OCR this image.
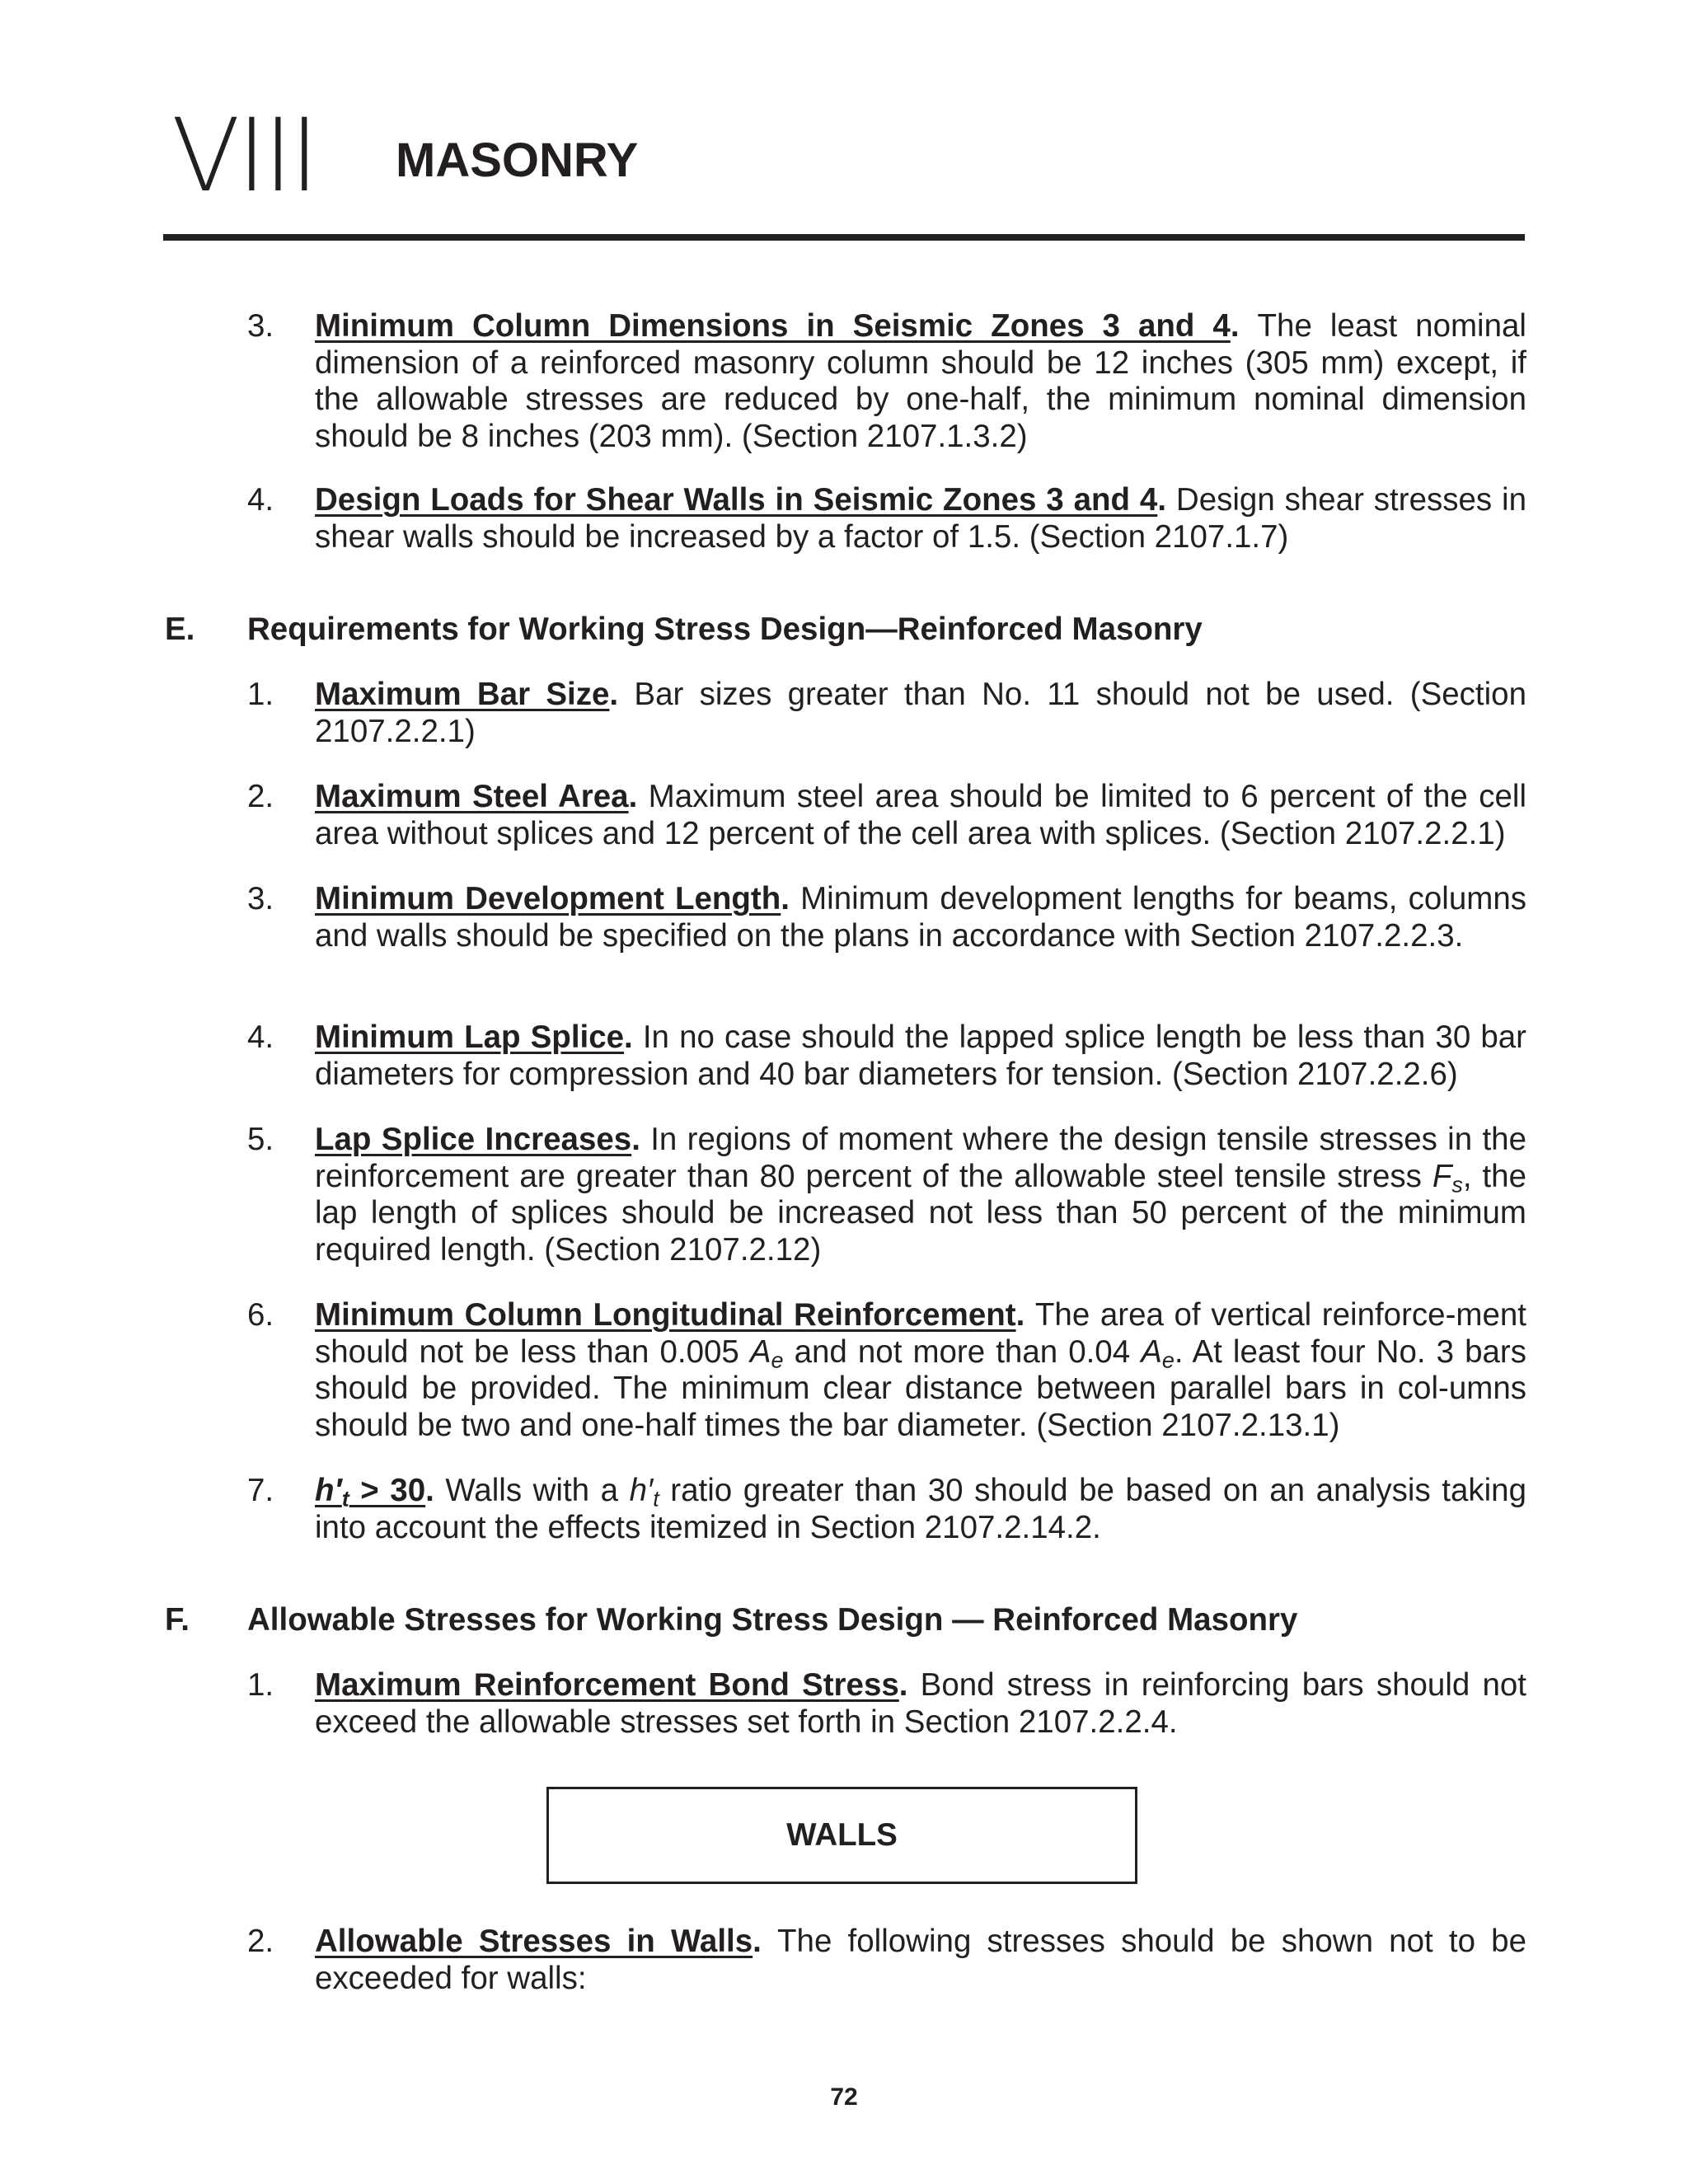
VIII MASONRY
3. Minimum Column Dimensions in Seismic Zones 3 and 4. The least nominal dimension of a reinforced masonry column should be 12 inches (305 mm) except, if the allowable stresses are reduced by one-half, the minimum nominal dimension should be 8 inches (203 mm). (Section 2107.1.3.2)
4. Design Loads for Shear Walls in Seismic Zones 3 and 4. Design shear stresses in shear walls should be increased by a factor of 1.5. (Section 2107.1.7)
E. Requirements for Working Stress Design—Reinforced Masonry
1. Maximum Bar Size. Bar sizes greater than No. 11 should not be used. (Section 2107.2.2.1)
2. Maximum Steel Area. Maximum steel area should be limited to 6 percent of the cell area without splices and 12 percent of the cell area with splices. (Section 2107.2.2.1)
3. Minimum Development Length. Minimum development lengths for beams, columns and walls should be specified on the plans in accordance with Section 2107.2.2.3.
4. Minimum Lap Splice. In no case should the lapped splice length be less than 30 bar diameters for compression and 40 bar diameters for tension. (Section 2107.2.2.6)
5. Lap Splice Increases. In regions of moment where the design tensile stresses in the reinforcement are greater than 80 percent of the allowable steel tensile stress $F_s$, the lap length of splices should be increased not less than 50 percent of the minimum required length. (Section 2107.2.12)
6. Minimum Column Longitudinal Reinforcement. The area of vertical reinforce-ment should not be less than 0.005 $A_e$ and not more than 0.04 $A_e$. At least four No. 3 bars should be provided. The minimum clear distance between parallel bars in col-umns should be two and one-half times the bar diameter. (Section 2107.2.13.1)
7. $h'_t > 30$. Walls with a $h'_t$ ratio greater than 30 should be based on an analysis taking into account the effects itemized in Section 2107.2.14.2.
F. Allowable Stresses for Working Stress Design — Reinforced Masonry
1. Maximum Reinforcement Bond Stress. Bond stress in reinforcing bars should not exceed the allowable stresses set forth in Section 2107.2.2.4.
WALLS
2. Allowable Stresses in Walls. The following stresses should be shown not to be exceeded for walls:
72
